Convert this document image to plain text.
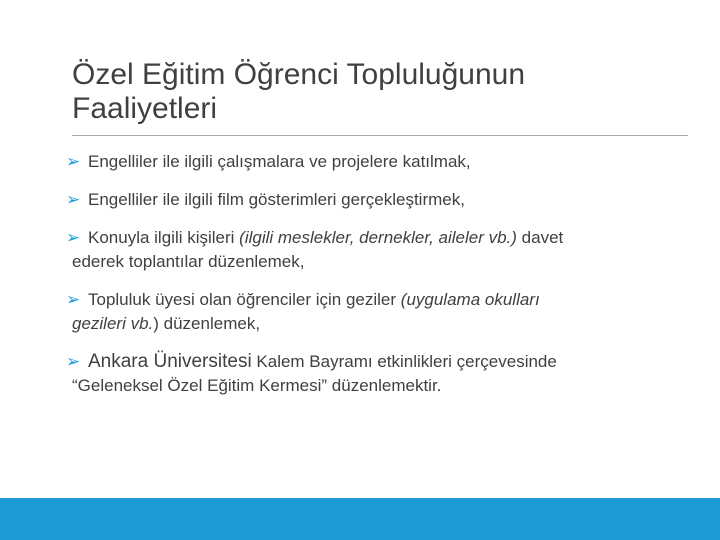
Özel Eğitim Öğrenci Topluluğunun Faaliyetleri
➢ Engelliler ile ilgili çalışmalara ve projelere katılmak,
➢ Engelliler ile ilgili film gösterimleri gerçekleştirmek,
➢ Konuyla ilgili kişileri (ilgili meslekler, dernekler, aileler vb.) davet
ederek toplantılar düzenlemek,
➢ Topluluk üyesi olan öğrenciler için geziler (uygulama okulları
gezileri vb.) düzenlemek,
➢ Ankara Üniversitesi Kalem Bayramı etkinlikleri çerçevesinde
“Geleneksel Özel Eğitim Kermesi” düzenlemektir.
